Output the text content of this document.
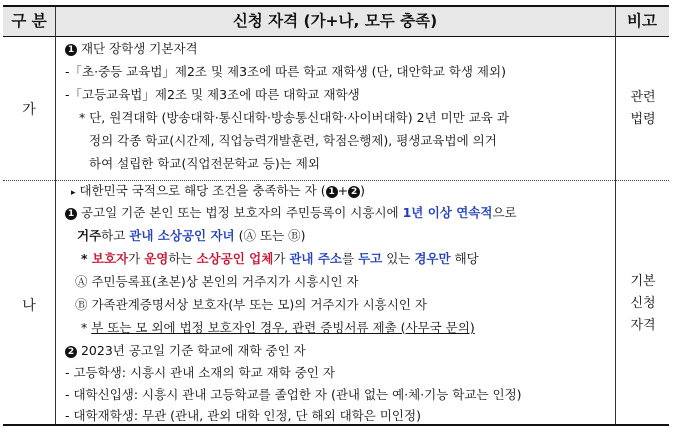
구 분	신청 자격 (가+나, 모두 충족)	비고
가
관련
법령
1 재단 장학생 기본자격
-「초·중등 교육법」제2조 및 제3조에 따른 학교 재학생 (단, 대안학교 학생 제외)
-「고등교육법」제2조 및 제3조에 따른 대학교 재학생
* 단, 원격대학 (방송대학·통신대학·방송통신대학·사이버대학) 2년 미만 교육 과
정의 각종 학교(시간제, 직업능력개발훈련, 학점은행제), 평생교육법에 의거
하여 설립한 학교(직업전문학교 등)는 제외
나
기본
신청
자격
▸ 대한민국 국적으로 해당 조건을 충족하는 자 ( 1 + 2 )
1 공고일 기준 본인 또는 법정 보호자의 주민등록이 시흥시에 1년 이상 연속적으로
거주하고 관내 소상공인 자녀 (Ⓐ 또는 Ⓑ)
* 보호자가 운영하는 소상공인 업체가 관내 주소를 두고 있는 경우만 해당
Ⓐ 주민등록표(초본)상 본인의 거주지가 시흥시인 자
Ⓑ 가족관계증명서상 보호자(부 또는 모)의 거주지가 시흥시인 자
* 부 또는 모 외에 법정 보호자인 경우, 관련 증빙서류 제출 (사무국 문의)
2 2023년 공고일 기준 학교에 재학 중인 자
- 고등학생: 시흥시 관내 소재의 학교 재학 중인 자
- 대학신입생: 시흥시 관내 고등학교를 졸업한 자 (관내 없는 예·체·기능 학교는 인정)
- 대학재학생: 무관 (관내, 관외 대학 인정, 단 해외 대학은 미인정)
